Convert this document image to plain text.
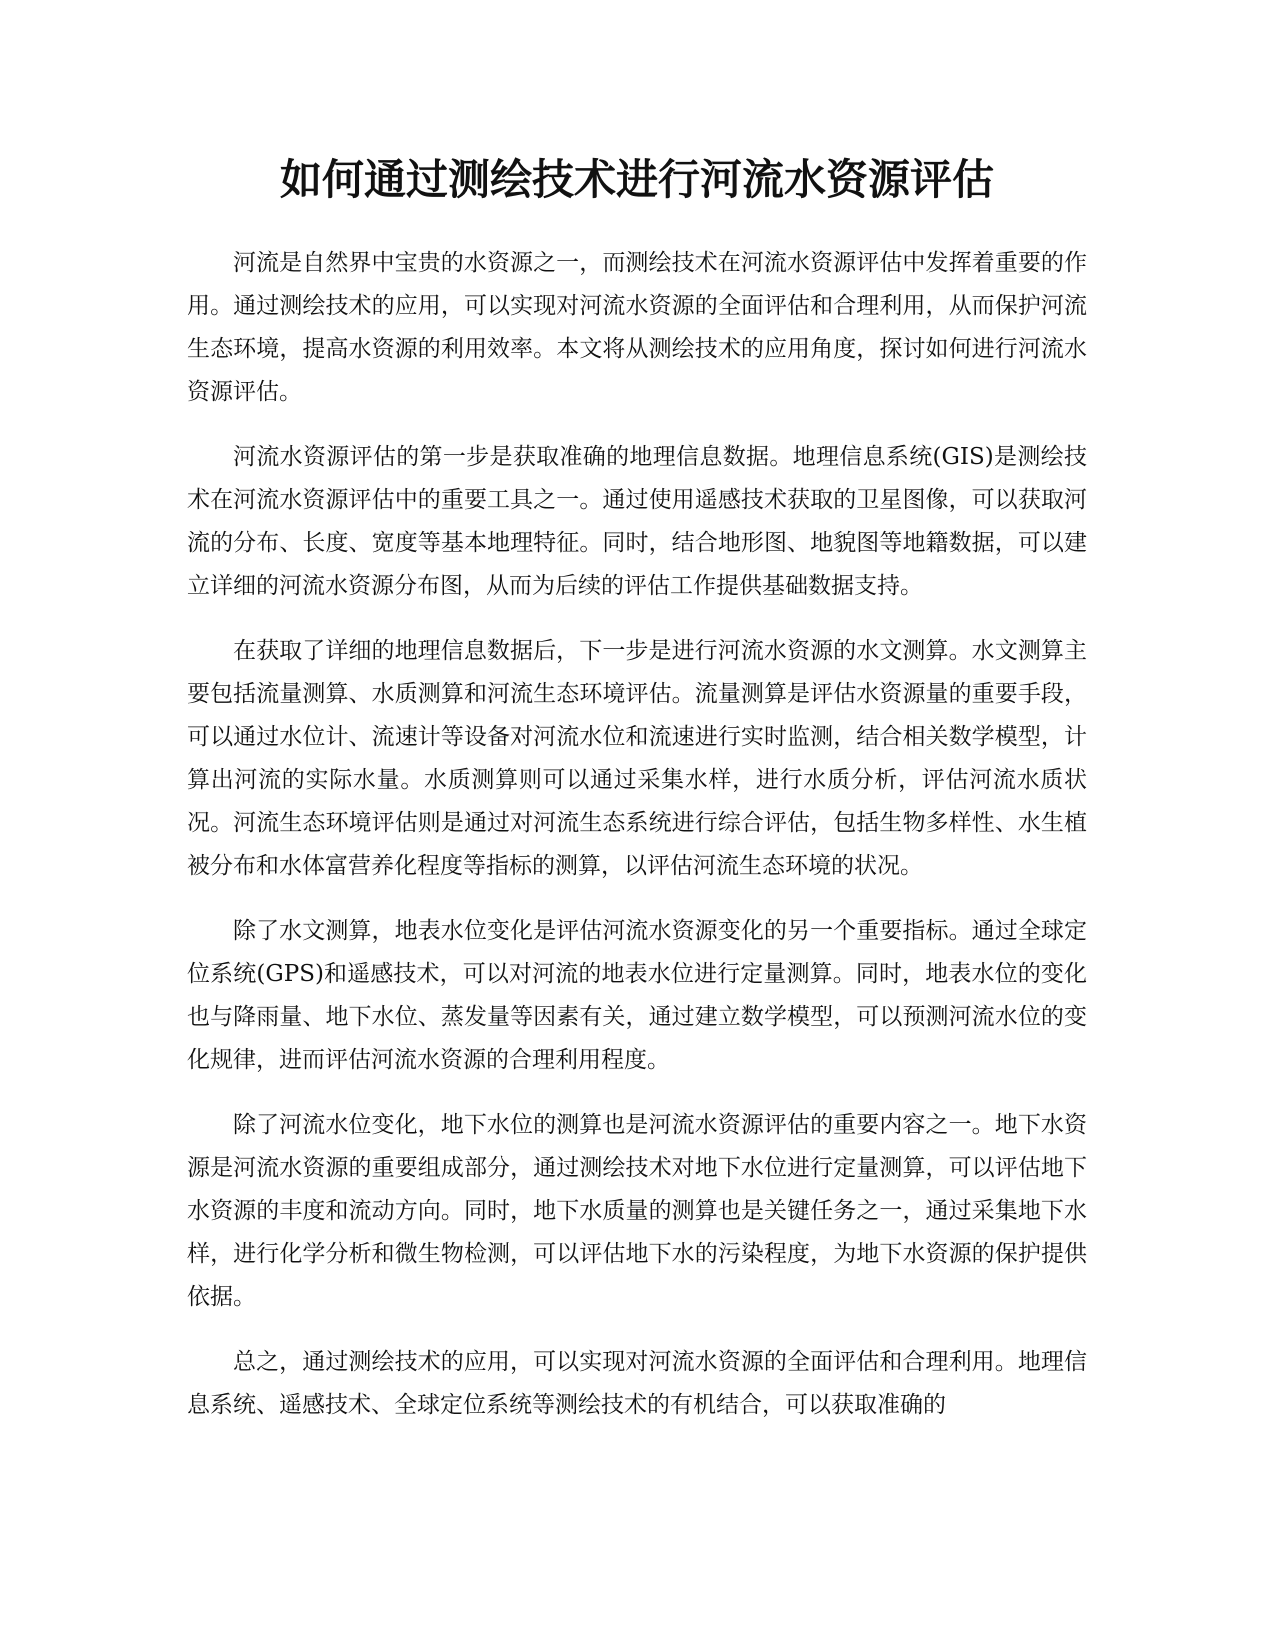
如何通过测绘技术进行河流水资源评估

河流是自然界中宝贵的水资源之一，而测绘技术在河流水资源评估中发挥着重要的作用。通过测绘技术的应用，可以实现对河流水资源的全面评估和合理利用，从而保护河流生态环境，提高水资源的利用效率。本文将从测绘技术的应用角度，探讨如何进行河流水资源评估。

河流水资源评估的第一步是获取准确的地理信息数据。地理信息系统(GIS)是测绘技术在河流水资源评估中的重要工具之一。通过使用遥感技术获取的卫星图像，可以获取河流的分布、长度、宽度等基本地理特征。同时，结合地形图、地貌图等地籍数据，可以建立详细的河流水资源分布图，从而为后续的评估工作提供基础数据支持。

在获取了详细的地理信息数据后，下一步是进行河流水资源的水文测算。水文测算主要包括流量测算、水质测算和河流生态环境评估。流量测算是评估水资源量的重要手段，可以通过水位计、流速计等设备对河流水位和流速进行实时监测，结合相关数学模型，计算出河流的实际水量。水质测算则可以通过采集水样，进行水质分析，评估河流水质状况。河流生态环境评估则是通过对河流生态系统进行综合评估，包括生物多样性、水生植被分布和水体富营养化程度等指标的测算，以评估河流生态环境的状况。

除了水文测算，地表水位变化是评估河流水资源变化的另一个重要指标。通过全球定位系统(GPS)和遥感技术，可以对河流的地表水位进行定量测算。同时，地表水位的变化也与降雨量、地下水位、蒸发量等因素有关，通过建立数学模型，可以预测河流水位的变化规律，进而评估河流水资源的合理利用程度。

除了河流水位变化，地下水位的测算也是河流水资源评估的重要内容之一。地下水资源是河流水资源的重要组成部分，通过测绘技术对地下水位进行定量测算，可以评估地下水资源的丰度和流动方向。同时，地下水质量的测算也是关键任务之一，通过采集地下水样，进行化学分析和微生物检测，可以评估地下水的污染程度，为地下水资源的保护提供依据。

总之，通过测绘技术的应用，可以实现对河流水资源的全面评估和合理利用。地理信息系统、遥感技术、全球定位系统等测绘技术的有机结合，可以获取准确的
